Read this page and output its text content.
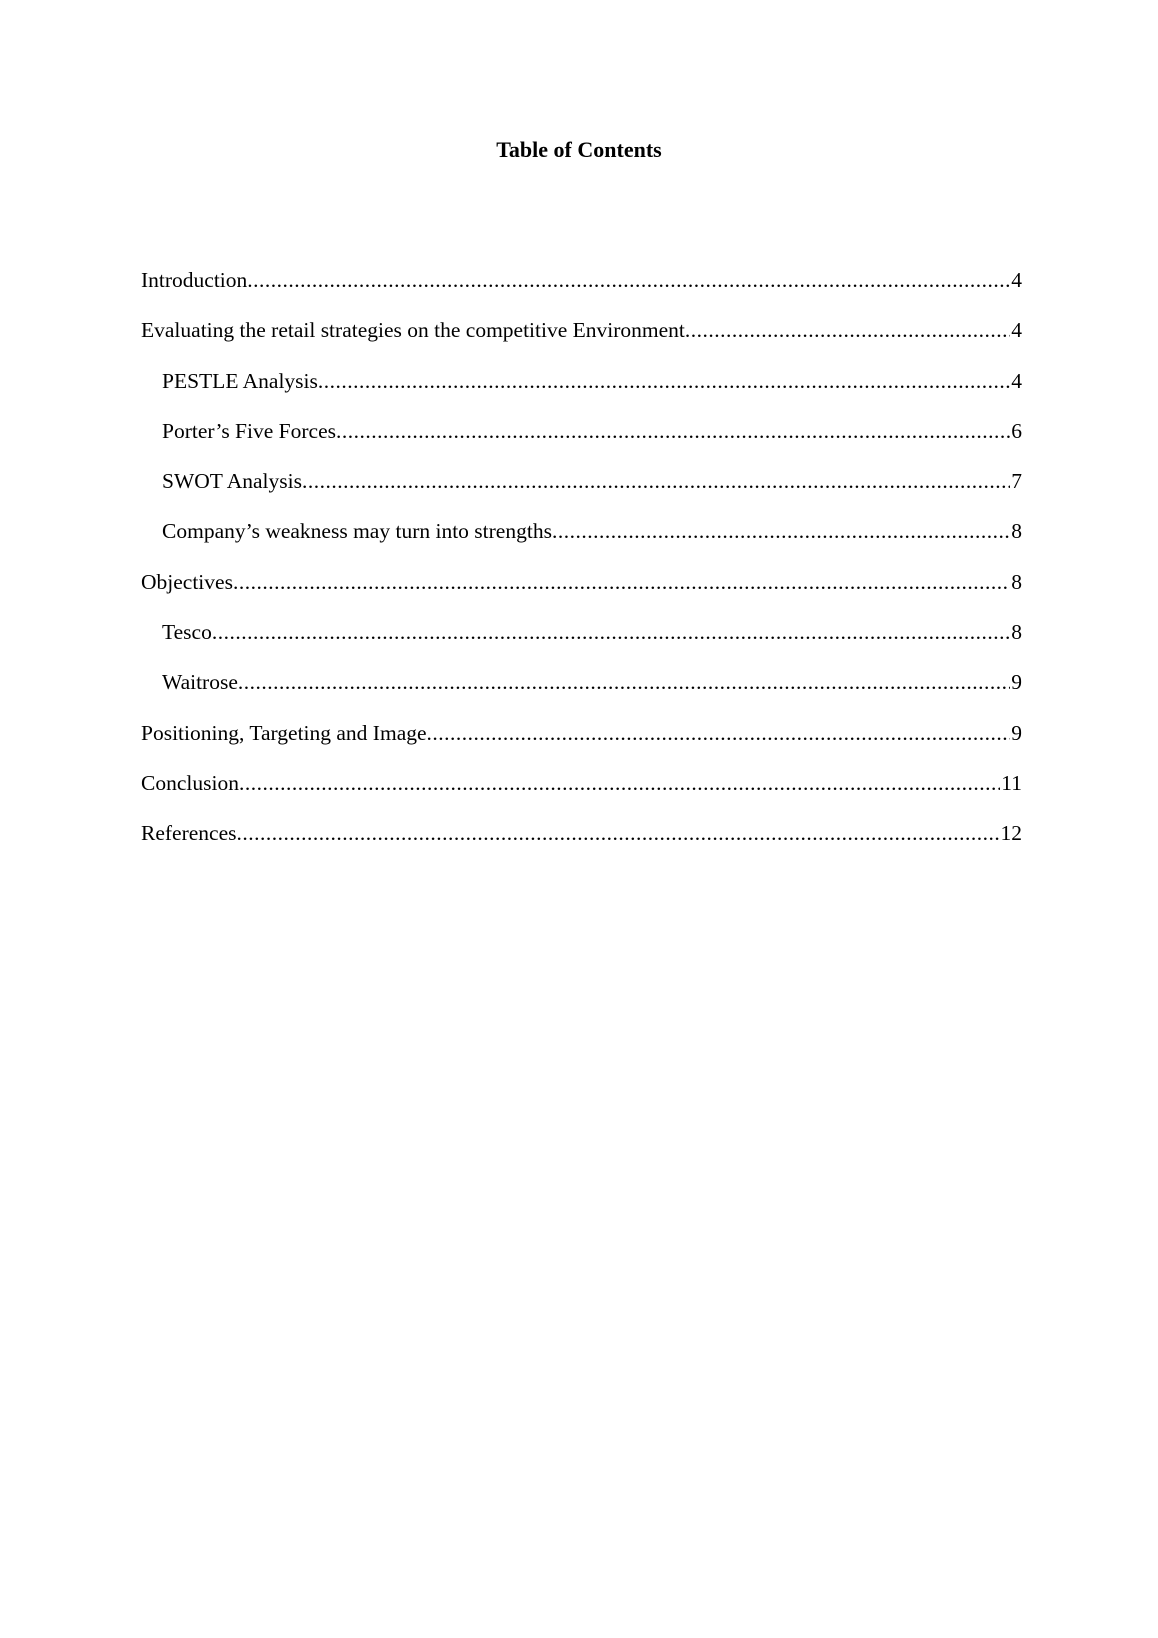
Table of Contents
Introduction .....	4
Evaluating the retail strategies on the competitive Environment .....	4
PESTLE Analysis .....	4
Porter’s Five Forces .....	6
SWOT Analysis .....	7
Company’s weakness may turn into strengths .....	8
Objectives .....	8
Tesco .....	8
Waitrose .....	9
Positioning, Targeting and Image .....	9
Conclusion .....	11
References .....	12
